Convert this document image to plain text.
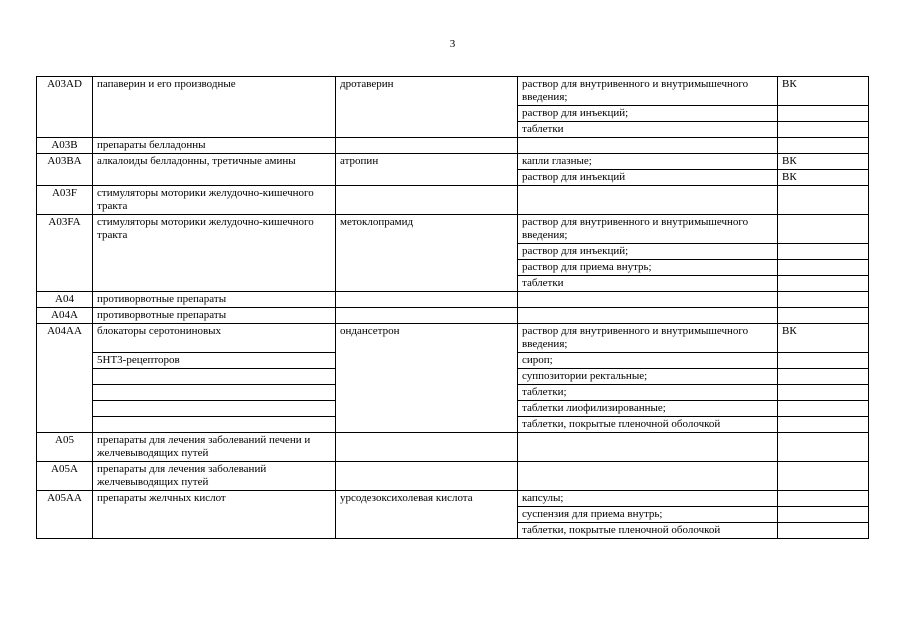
3
A03AD	папаверин и его производные	дротаверин	раствор для внутривенного и внутримышечного введения;	ВК
			раствор для инъекций;	
			таблетки	
A03B	препараты белладонны			
A03BA	алкалоиды белладонны, третичные амины	атропин	капли глазные;	ВК
			раствор для инъекций	ВК
A03F	стимуляторы моторики желудочно-кишечного тракта			
A03FA	стимуляторы моторики желудочно-кишечного тракта	метоклопрамид	раствор для внутривенного и внутримышечного введения;	
			раствор для инъекций;	
			раствор для приема внутрь;	
			таблетки	
A04	противорвотные препараты			
A04A	противорвотные препараты			
A04AA	блокаторы серотониновых	ондансетрон	раствор для внутривенного и внутримышечного введения;	ВК
	5НТ3-рецепторов		сироп;	
			суппозитории ректальные;	
			таблетки;	
			таблетки лиофилизированные;	
			таблетки, покрытые пленочной оболочкой	
A05	препараты для лечения заболеваний печени и желчевыводящих путей			
A05A	препараты для лечения заболеваний желчевыводящих путей			
A05AA	препараты желчных кислот	урсодезоксихолевая кислота	капсулы;	
			суспензия для приема внутрь;	
			таблетки, покрытые пленочной оболочкой	
